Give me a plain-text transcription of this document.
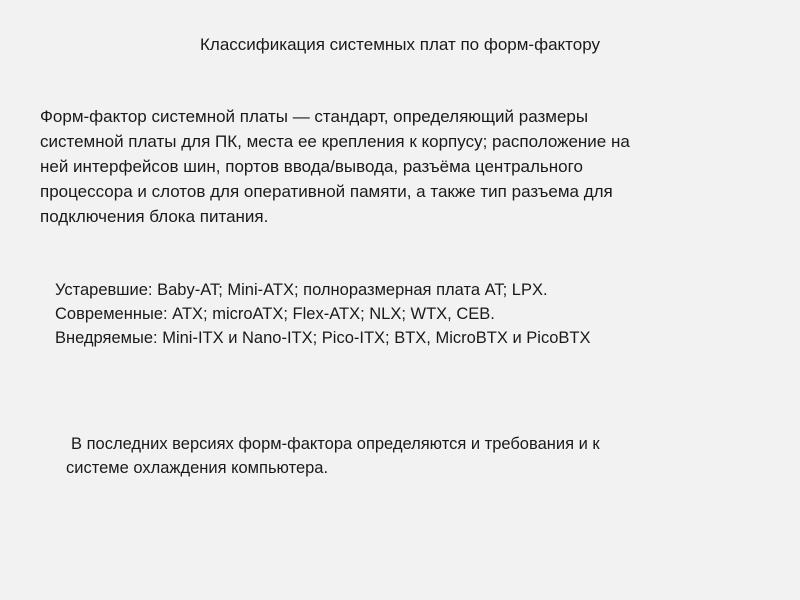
Классификация системных плат по форм-фактору
Форм-фактор системной платы — стандарт, определяющий размеры
системной платы для ПК, места ее крепления к корпусу; расположение на
ней интерфейсов шин, портов ввода/вывода, разъёма центрального
процессора и слотов для оперативной памяти, а также тип разъема для
подключения блока питания.
Устаревшие: Baby-AT; Mini-ATX; полноразмерная плата AT; LPX.
Современные: ATX; microATX; Flex-ATX; NLX; WTX, CEB.
Внедряемые: Mini-ITX и Nano-ITX; Pico-ITX; BTX, MicroBTX и PicoBTX
В последних версиях форм-фактора определяются и требования и к
системе охлаждения компьютера.
